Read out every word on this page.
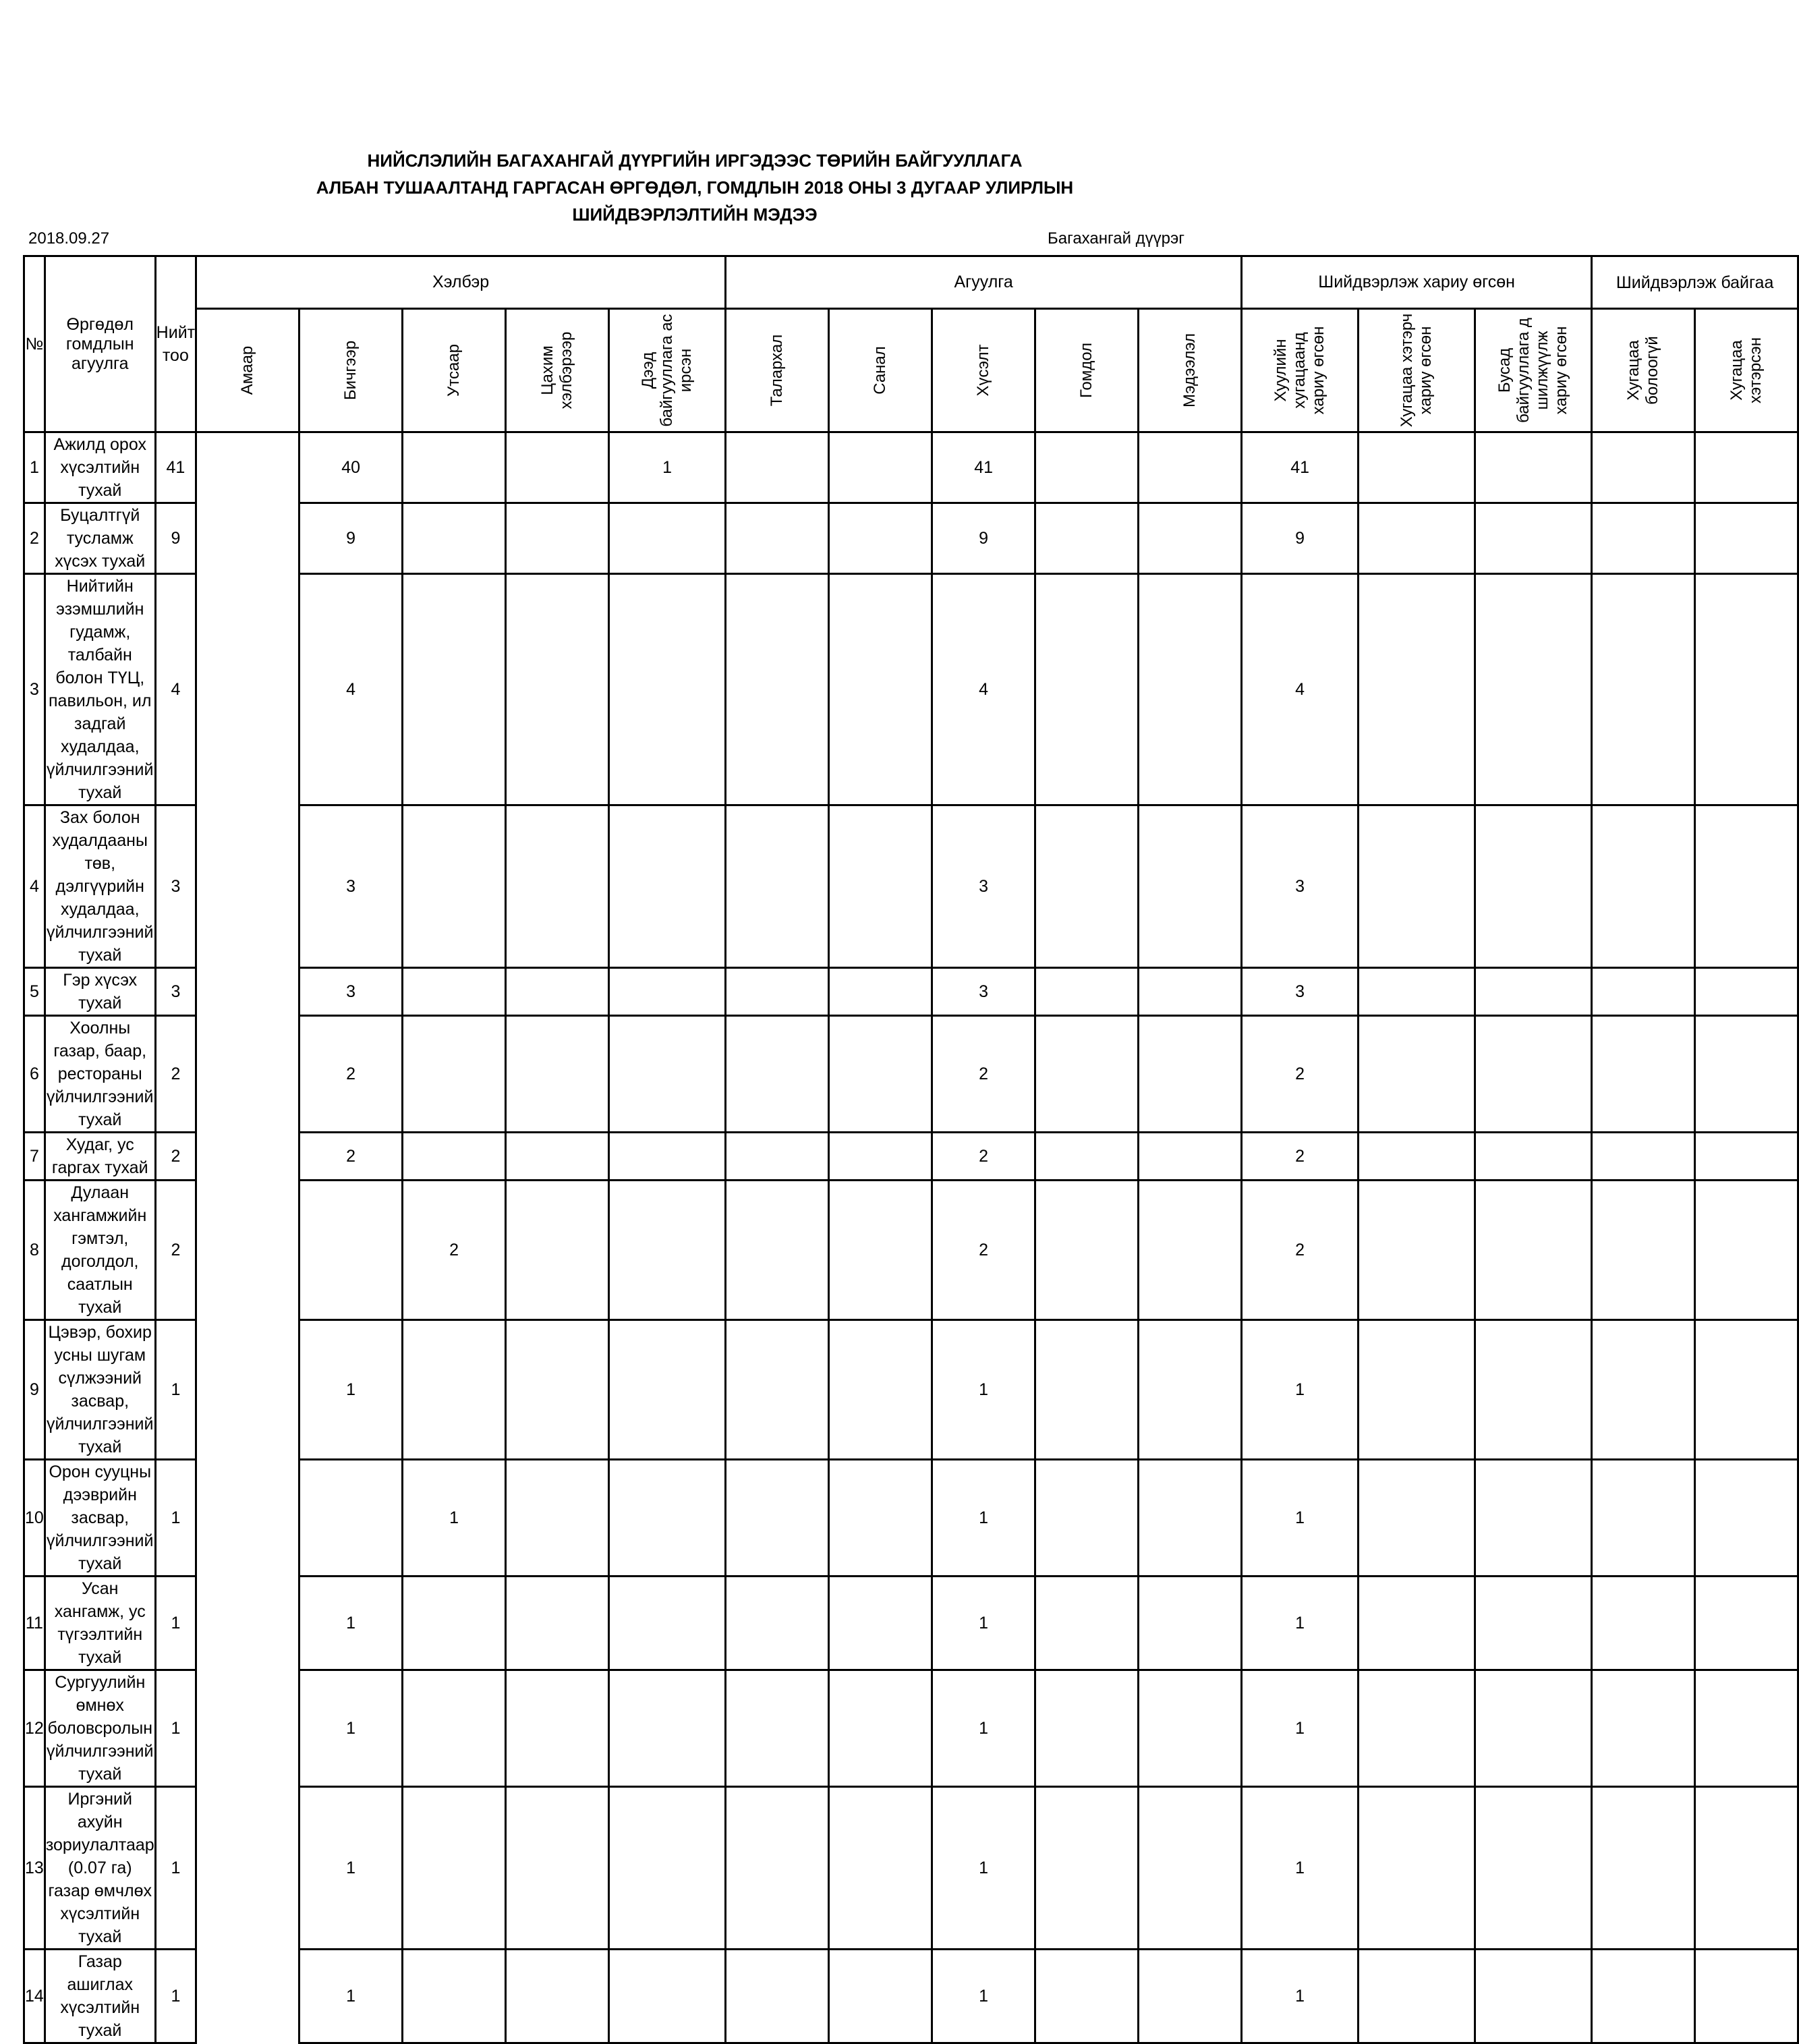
НИЙСЛЭЛИЙН БАГАХАНГАЙ ДҮҮРГИЙН ИРГЭДЭЭС ТӨРИЙН БАЙГУУЛЛАГА
АЛБАН ТУШААЛТАНД ГАРГАСАН ӨРГӨДӨЛ, ГОМДЛЫН 2018 ОНЫ 3 ДУГААР УЛИРЛЫН
ШИЙДВЭРЛЭЛТИЙН МЭДЭЭ
2018.09.27	Багахангай дүүрэг
№	Өргөдөл гомдлын агуулга	Нийт тоо	Хэлбэр					Агуулга					Шийдвэрлэж хариу өгсөн			Шийдвэрлэж байгаа	

			Амаар	Бичгээр	Утсаар	Цахим хэлбэрээр	Дээд байгууллага ас ирсэн	Талархал	Санал	Хүсэлт	Гомдол	Мэдээлэл	Хуулийн хугацаанд хариу өгсөн	Хугацаа хэтэрч хариу өгсөн	Бусад байгууллага д шилжүүлж хариу өгсөн	Хугацаа болоогүй	Хугацаа хэтэрсэн

1	Ажилд орох хүсэлтийн тухай	41		40			1			41			41				
2	Буцалтгүй тусламж хүсэх тухай	9		9						9			9				
3	Нийтийн эзэмшлийн гудамж, талбайн болон ТҮЦ, павильон, ил задгай худалдаа, үйлчилгээний тухай	4		4						4			4				
4	Зах болон худалдааны төв, дэлгүүрийн худалдаа, үйлчилгээний тухай	3		3						3			3				
5	Гэр хүсэх тухай	3		3						3			3				
6	Хоолны газар, баар, рестораны үйлчилгээний тухай	2		2						2			2				
7	Худаг, ус гаргах тухай	2		2						2			2				
8	Дулаан хангамжийн гэмтэл, доголдол, саатлын тухай	2			2					2			2				
9	Цэвэр, бохир усны шугам сүлжээний засвар, үйлчилгээний тухай	1		1						1			1				
10	Орон сууцны дээврийн засвар, үйлчилгээний тухай	1			1					1			1				
11	Усан хангамж, ус түгээлтийн тухай	1		1						1			1				
12	Сургуулийн өмнөх боловсролын үйлчилгээний тухай	1		1						1			1				
13	Иргэний ахуйн зориулалтаар (0.07 га) газар өмчлөх хүсэлтийн тухай	1		1						1			1				
14	Газар ашиглах хүсэлтийн тухай	1		1						1			1				
